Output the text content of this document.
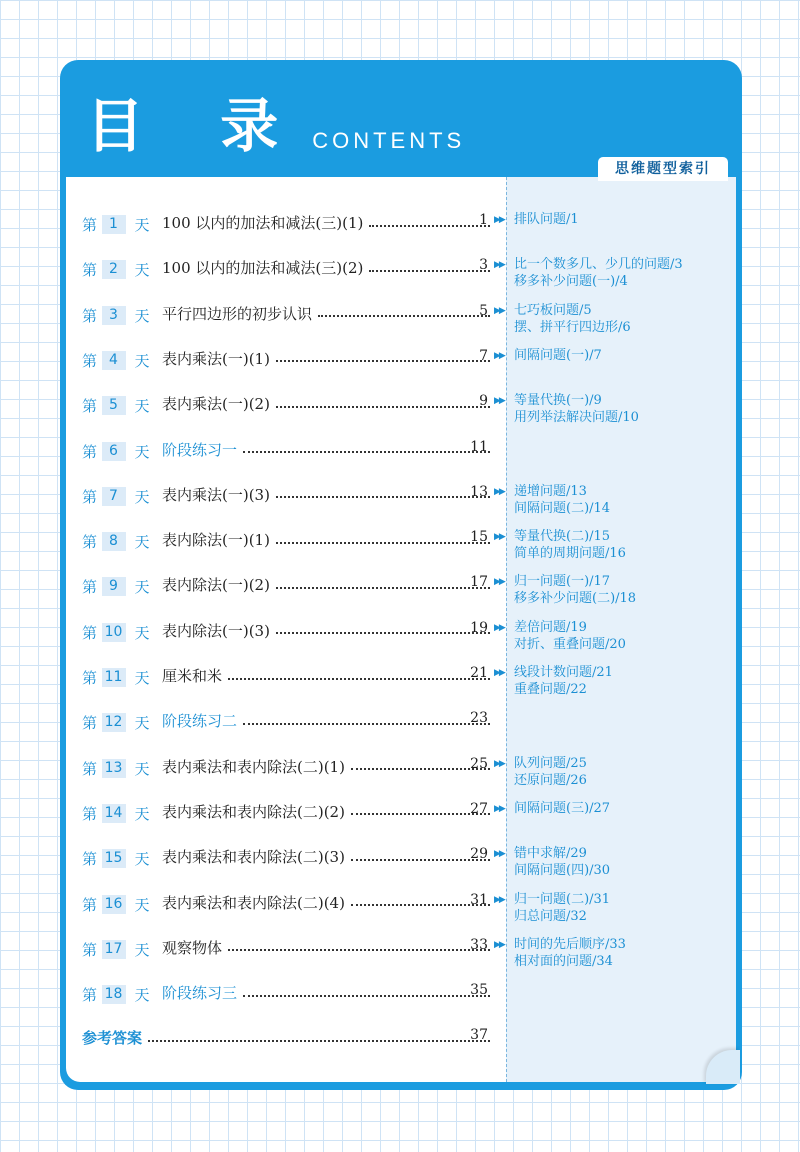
目 录 CONTENTS
思维题型索引
第 1	天 100 以内的加法和减法(三)(1)	1 ▶▶ 排队问题/1
第 2	天 100 以内的加法和减法(三)(2)	3 ▶▶ 比一个数多几、少几的问题/3
移多补少问题(一)/4
第 3	天 平行四边形的初步认识	5 ▶▶ 七巧板问题/5
摆、拼平行四边形/6
第 4	天 表内乘法(一)(1)	7 ▶▶ 间隔问题(一)/7
第 5	天 表内乘法(一)(2)	9 ▶▶ 等量代换(一)/9
用列举法解决问题/10
第 6	天 阶段练习一	11
第 7	天 表内乘法(一)(3)	13 ▶▶ 递增问题/13
间隔问题(二)/14
第 8	天 表内除法(一)(1)	15 ▶▶ 等量代换(二)/15
简单的周期问题/16
第 9	天 表内除法(一)(2)	17 ▶▶ 归一问题(一)/17
移多补少问题(二)/18
第 10 天 表内除法(一)(3)	19 ▶▶ 差倍问题/19
对折、重叠问题/20
第 11 天 厘米和米	21 ▶▶ 线段计数问题/21
重叠问题/22
第 12 天 阶段练习二	23
第 13 天 表内乘法和表内除法(二)(1)	25 ▶▶ 队列问题/25
还原问题/26
第 14 天 表内乘法和表内除法(二)(2)	27 ▶▶ 间隔问题(三)/27
第 15 天 表内乘法和表内除法(二)(3)	29 ▶▶ 错中求解/29
间隔问题(四)/30
第 16 天 表内乘法和表内除法(二)(4)	31 ▶▶ 归一问题(二)/31
归总问题/32
第 17 天 观察物体	33 ▶▶ 时间的先后顺序/33
相对面的问题/34
第 18 天 阶段练习三	35
参考答案	37
